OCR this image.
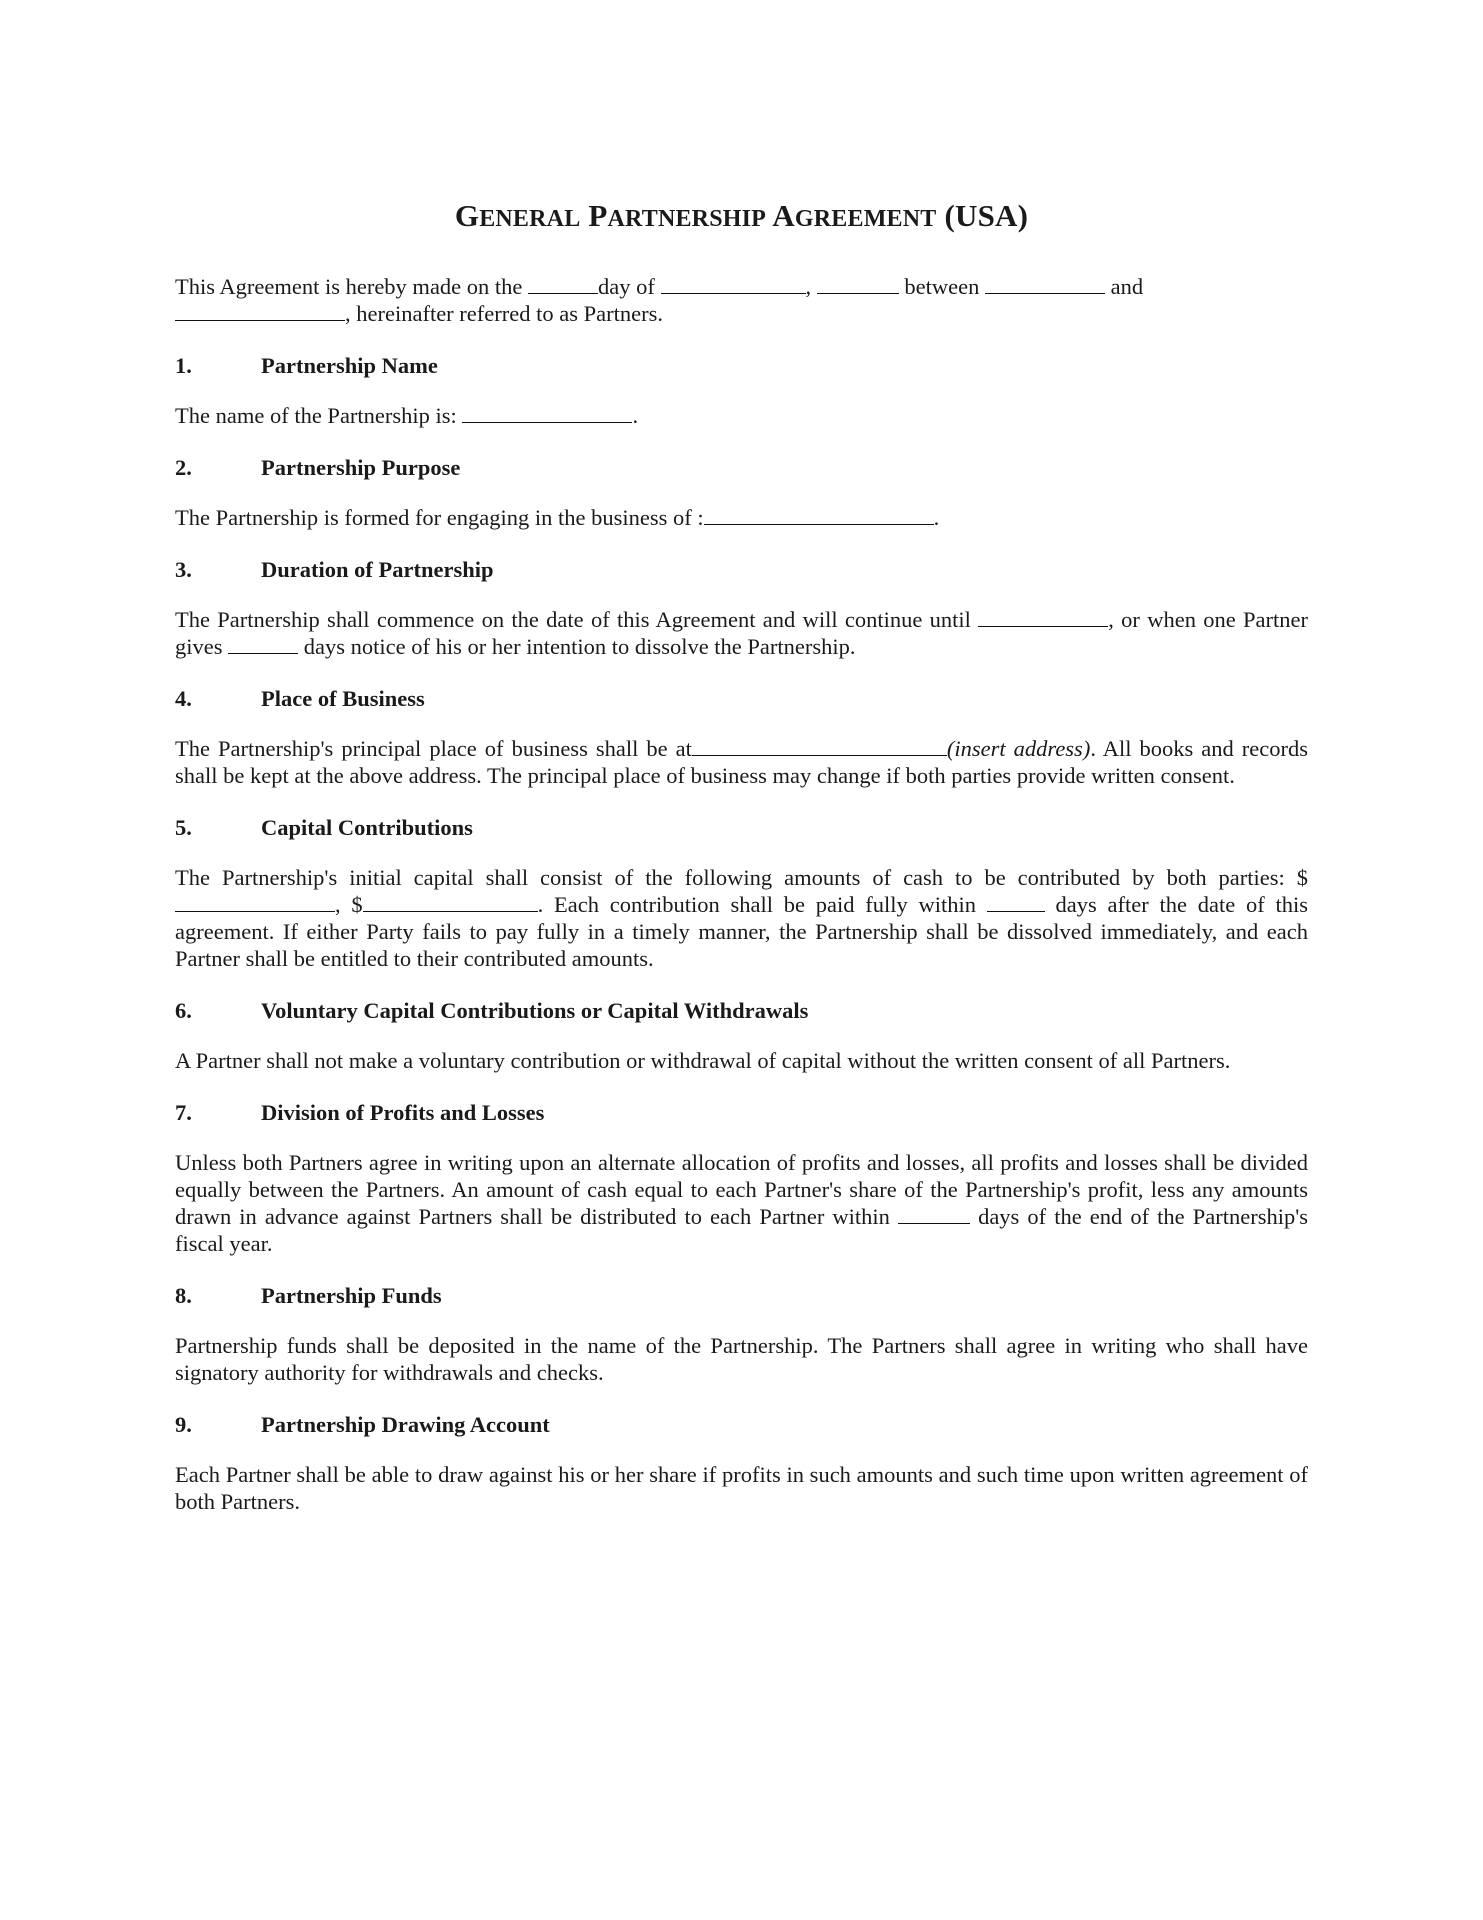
GENERAL PARTNERSHIP AGREEMENT (USA)

This Agreement is hereby made on the	day of	,	between	and
, hereinafter referred to as Partners.

1.	Partnership Name

The name of the Partnership is:	.

2.	Partnership Purpose

The Partnership is formed for engaging in the business of :	.

3.	Duration of Partnership

The Partnership shall commence on the date of this Agreement and will continue until	, or when one Partner gives	days notice of his or her intention to dissolve the Partnership.

4.	Place of Business

The Partnership's principal place of business shall be at	(insert address). All books and records shall be kept at the above address. The principal place of business may change if both parties provide written consent.

5.	Capital Contributions

The Partnership's initial capital shall consist of the following amounts of cash to be contributed by both parties: $, $	. Each contribution shall be paid fully within	days after the date of this agreement. If either Party fails to pay fully in a timely manner, the Partnership shall be dissolved immediately, and each Partner shall be entitled to their contributed amounts.

6.	Voluntary Capital Contributions or Capital Withdrawals

A Partner shall not make a voluntary contribution or withdrawal of capital without the written consent of all Partners.

7.	Division of Profits and Losses

Unless both Partners agree in writing upon an alternate allocation of profits and losses, all profits and losses shall be divided equally between the Partners. An amount of cash equal to each Partner's share of the Partnership's profit, less any amounts drawn in advance against Partners shall be distributed to each Partner within	days of the end of the Partnership's fiscal year.

8.	Partnership Funds

Partnership funds shall be deposited in the name of the Partnership. The Partners shall agree in writing who shall have signatory authority for withdrawals and checks.

9.	Partnership Drawing Account

Each Partner shall be able to draw against his or her share if profits in such amounts and such time upon written agreement of both Partners.
